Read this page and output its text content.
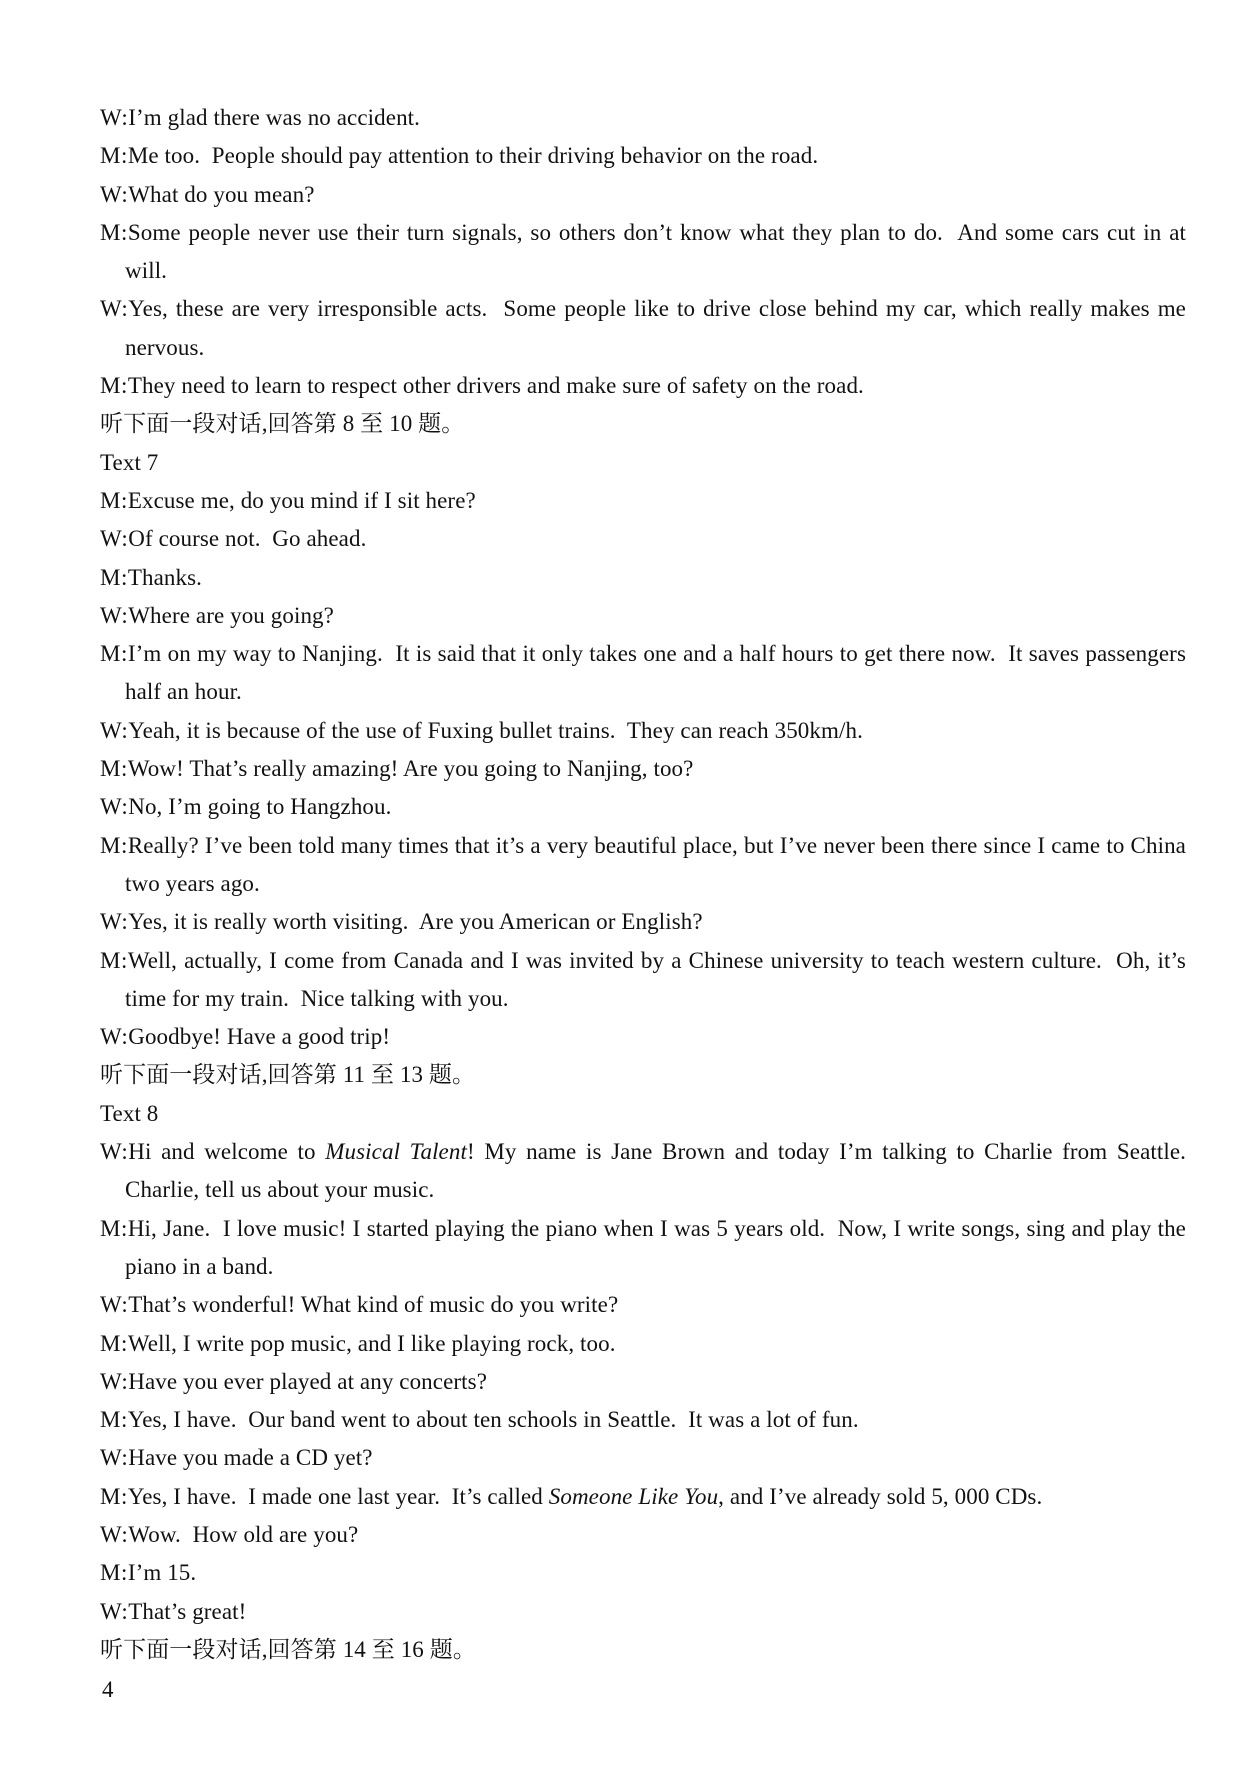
W:I’m glad there was no accident.

M:Me too.  People should pay attention to their driving behavior on the road.

W:What do you mean?

M:Some people never use their turn signals, so others don’t know what they plan to do.  And some cars cut in at will.

W:Yes, these are very irresponsible acts.  Some people like to drive close behind my car, which really makes me nervous.

M:They need to learn to respect other drivers and make sure of safety on the road.

听下面一段对话,回答第 8 至 10 题。

Text 7

M:Excuse me, do you mind if I sit here?

W:Of course not.  Go ahead.

M:Thanks.

W:Where are you going?

M:I’m on my way to Nanjing.  It is said that it only takes one and a half hours to get there now.  It saves passengers half an hour.

W:Yeah, it is because of the use of Fuxing bullet trains.  They can reach 350km/h.

M:Wow! That’s really amazing! Are you going to Nanjing, too?

W:No, I’m going to Hangzhou.

M:Really? I’ve been told many times that it’s a very beautiful place, but I’ve never been there since I came to China two years ago.

W:Yes, it is really worth visiting.  Are you American or English?

M:Well, actually, I come from Canada and I was invited by a Chinese university to teach western culture.  Oh, it’s time for my train.  Nice talking with you.

W:Goodbye! Have a good trip!

听下面一段对话,回答第 11 至 13 题。

Text 8

W:Hi and welcome to Musical Talent! My name is Jane Brown and today I’m talking to Charlie from Seattle.  Charlie, tell us about your music.

M:Hi, Jane.  I love music! I started playing the piano when I was 5 years old.  Now, I write songs, sing and play the piano in a band.

W:That’s wonderful! What kind of music do you write?

M:Well, I write pop music, and I like playing rock, too.

W:Have you ever played at any concerts?

M:Yes, I have.  Our band went to about ten schools in Seattle.  It was a lot of fun.

W:Have you made a CD yet?

M:Yes, I have.  I made one last year.  It’s called Someone Like You, and I’ve already sold 5, 000 CDs.

W:Wow.  How old are you?

M:I’m 15.

W:That’s great!

听下面一段对话,回答第 14 至 16 题。

4
